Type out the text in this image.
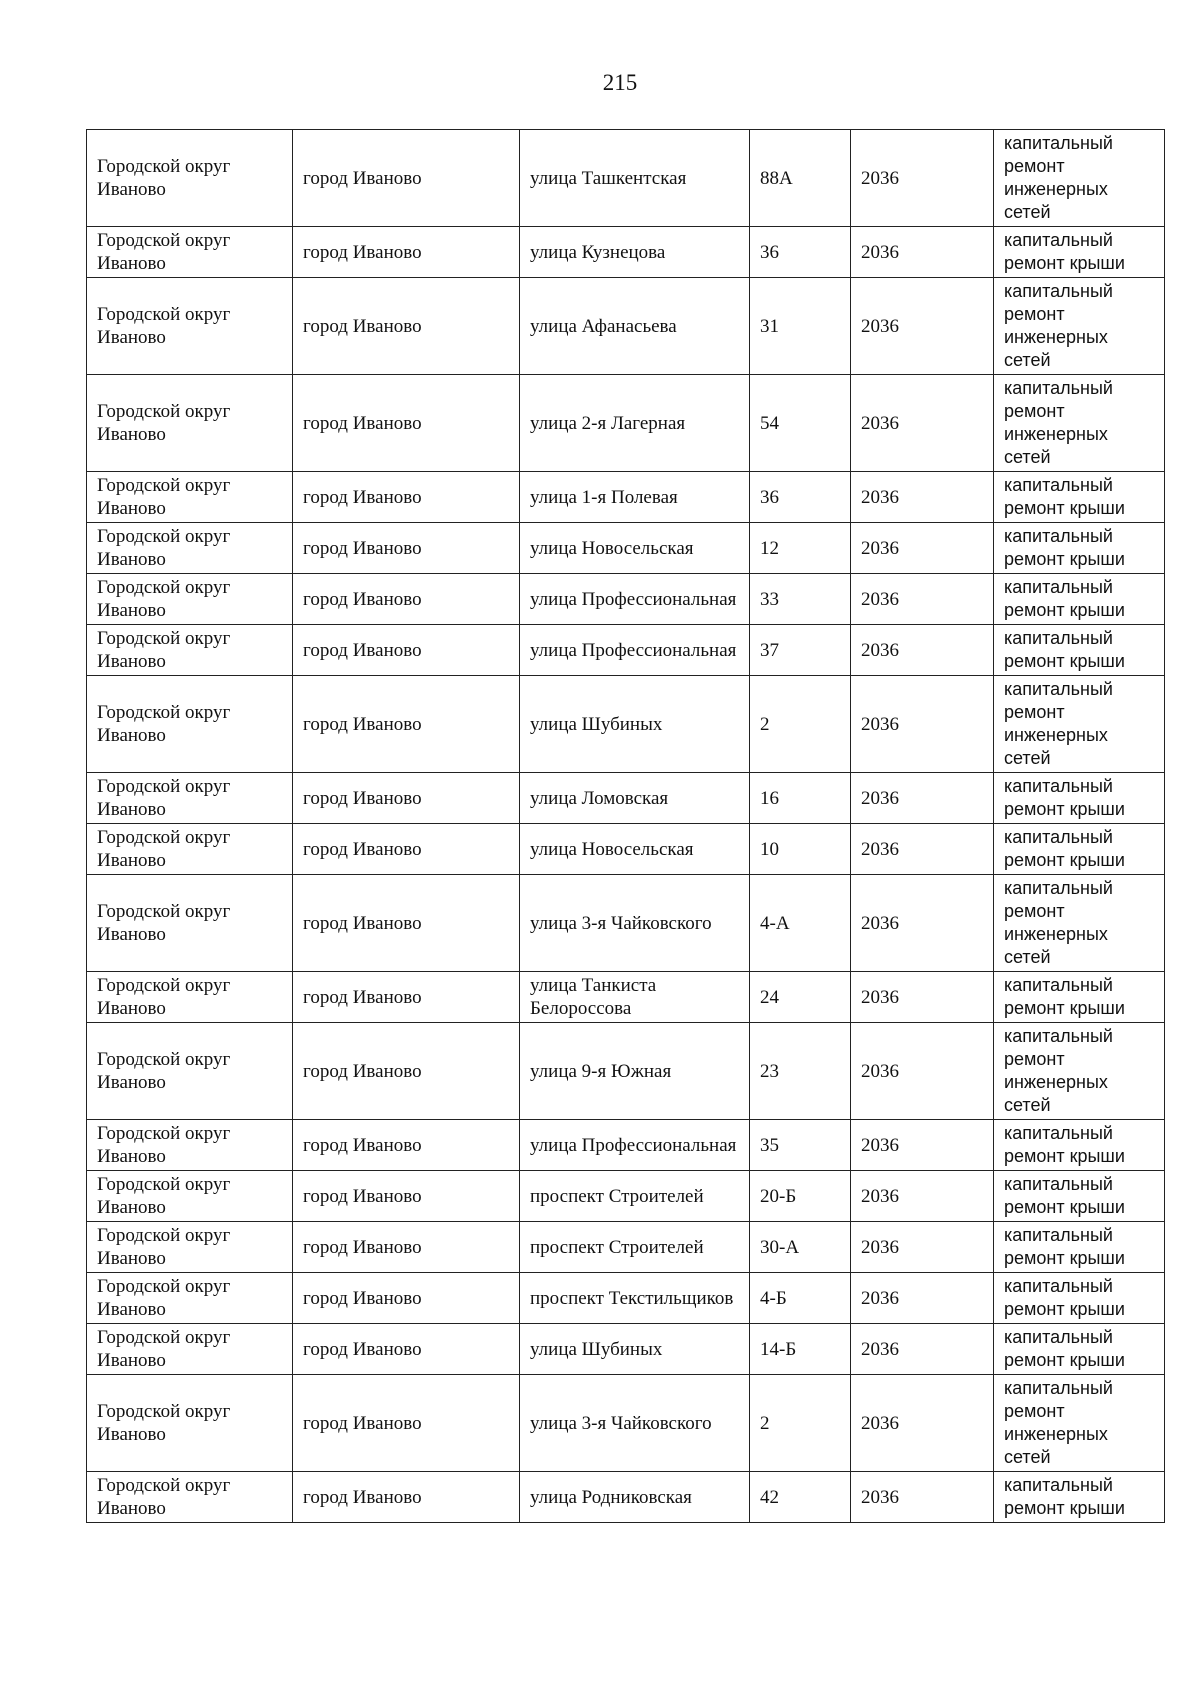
215
Городской округ Иваново	город Иваново	улица Ташкентская	88А	2036	капитальный ремонт инженерных сетей
Городской округ Иваново	город Иваново	улица Кузнецова	36	2036	капитальный ремонт крыши
Городской округ Иваново	город Иваново	улица Афанасьева	31	2036	капитальный ремонт инженерных сетей
Городской округ Иваново	город Иваново	улица 2-я Лагерная	54	2036	капитальный ремонт инженерных сетей
Городской округ Иваново	город Иваново	улица 1-я Полевая	36	2036	капитальный ремонт крыши
Городской округ Иваново	город Иваново	улица Новосельская	12	2036	капитальный ремонт крыши
Городской округ Иваново	город Иваново	улица Профессиональная	33	2036	капитальный ремонт крыши
Городской округ Иваново	город Иваново	улица Профессиональная	37	2036	капитальный ремонт крыши
Городской округ Иваново	город Иваново	улица Шубиных	2	2036	капитальный ремонт инженерных сетей
Городской округ Иваново	город Иваново	улица Ломовская	16	2036	капитальный ремонт крыши
Городской округ Иваново	город Иваново	улица Новосельская	10	2036	капитальный ремонт крыши
Городской округ Иваново	город Иваново	улица 3-я Чайковского	4-А	2036	капитальный ремонт инженерных сетей
Городской округ Иваново	город Иваново	улица Танкиста Белороссова	24	2036	капитальный ремонт крыши
Городской округ Иваново	город Иваново	улица 9-я Южная	23	2036	капитальный ремонт инженерных сетей
Городской округ Иваново	город Иваново	улица Профессиональная	35	2036	капитальный ремонт крыши
Городской округ Иваново	город Иваново	проспект Строителей	20-Б	2036	капитальный ремонт крыши
Городской округ Иваново	город Иваново	проспект Строителей	30-А	2036	капитальный ремонт крыши
Городской округ Иваново	город Иваново	проспект Текстильщиков	4-Б	2036	капитальный ремонт крыши
Городской округ Иваново	город Иваново	улица Шубиных	14-Б	2036	капитальный ремонт крыши
Городской округ Иваново	город Иваново	улица 3-я Чайковского	2	2036	капитальный ремонт инженерных сетей
Городской округ Иваново	город Иваново	улица Родниковская	42	2036	капитальный ремонт крыши
